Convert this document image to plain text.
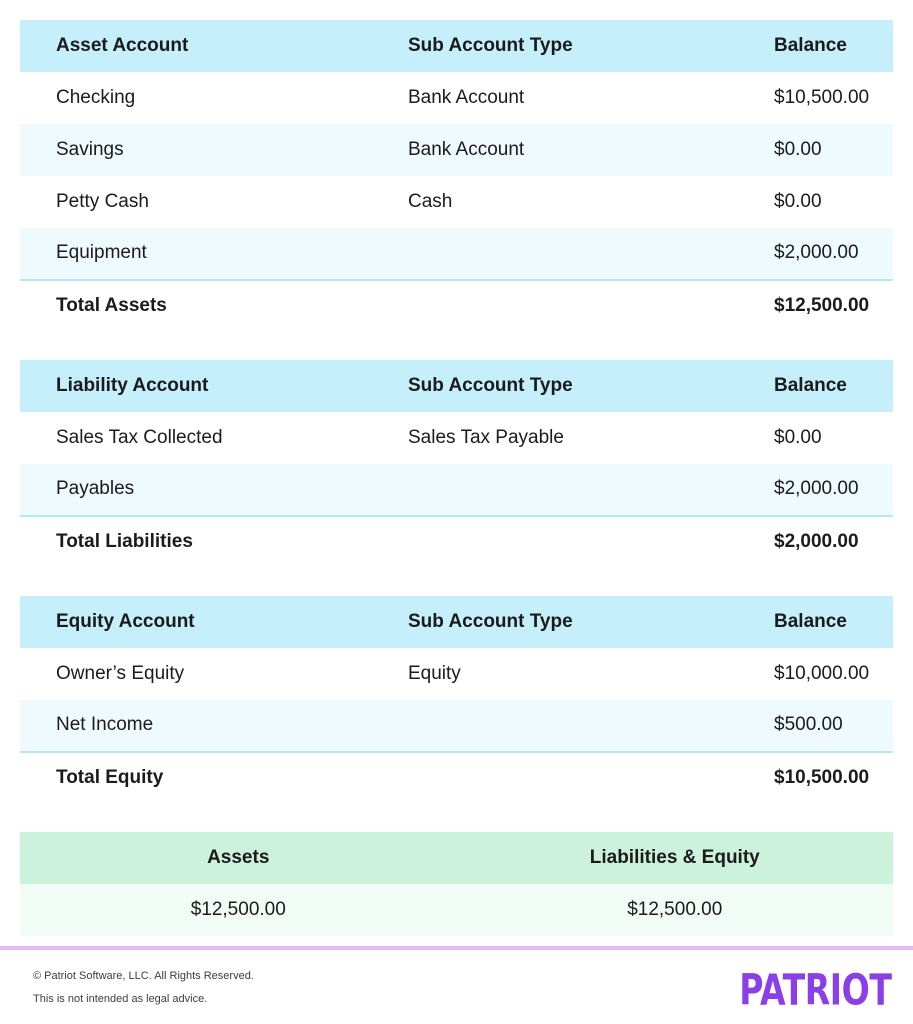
Asset Account	Sub Account Type	Balance
Checking	Bank Account	$10,500.00
Savings	Bank Account	$0.00
Petty Cash	Cash	$0.00
Equipment		$2,000.00
Total Assets		$12,500.00
Liability Account	Sub Account Type	Balance
Sales Tax Collected	Sales Tax Payable	$0.00
Payables		$2,000.00
Total Liabilities		$2,000.00
Equity Account	Sub Account Type	Balance
Owner’s Equity	Equity	$10,000.00
Net Income		$500.00
Total Equity		$10,500.00
Assets	Liabilities & Equity
$12,500.00	$12,500.00
© Patriot Software, LLC. All Rights Reserved.
This is not intended as legal advice.	PATRIOT
